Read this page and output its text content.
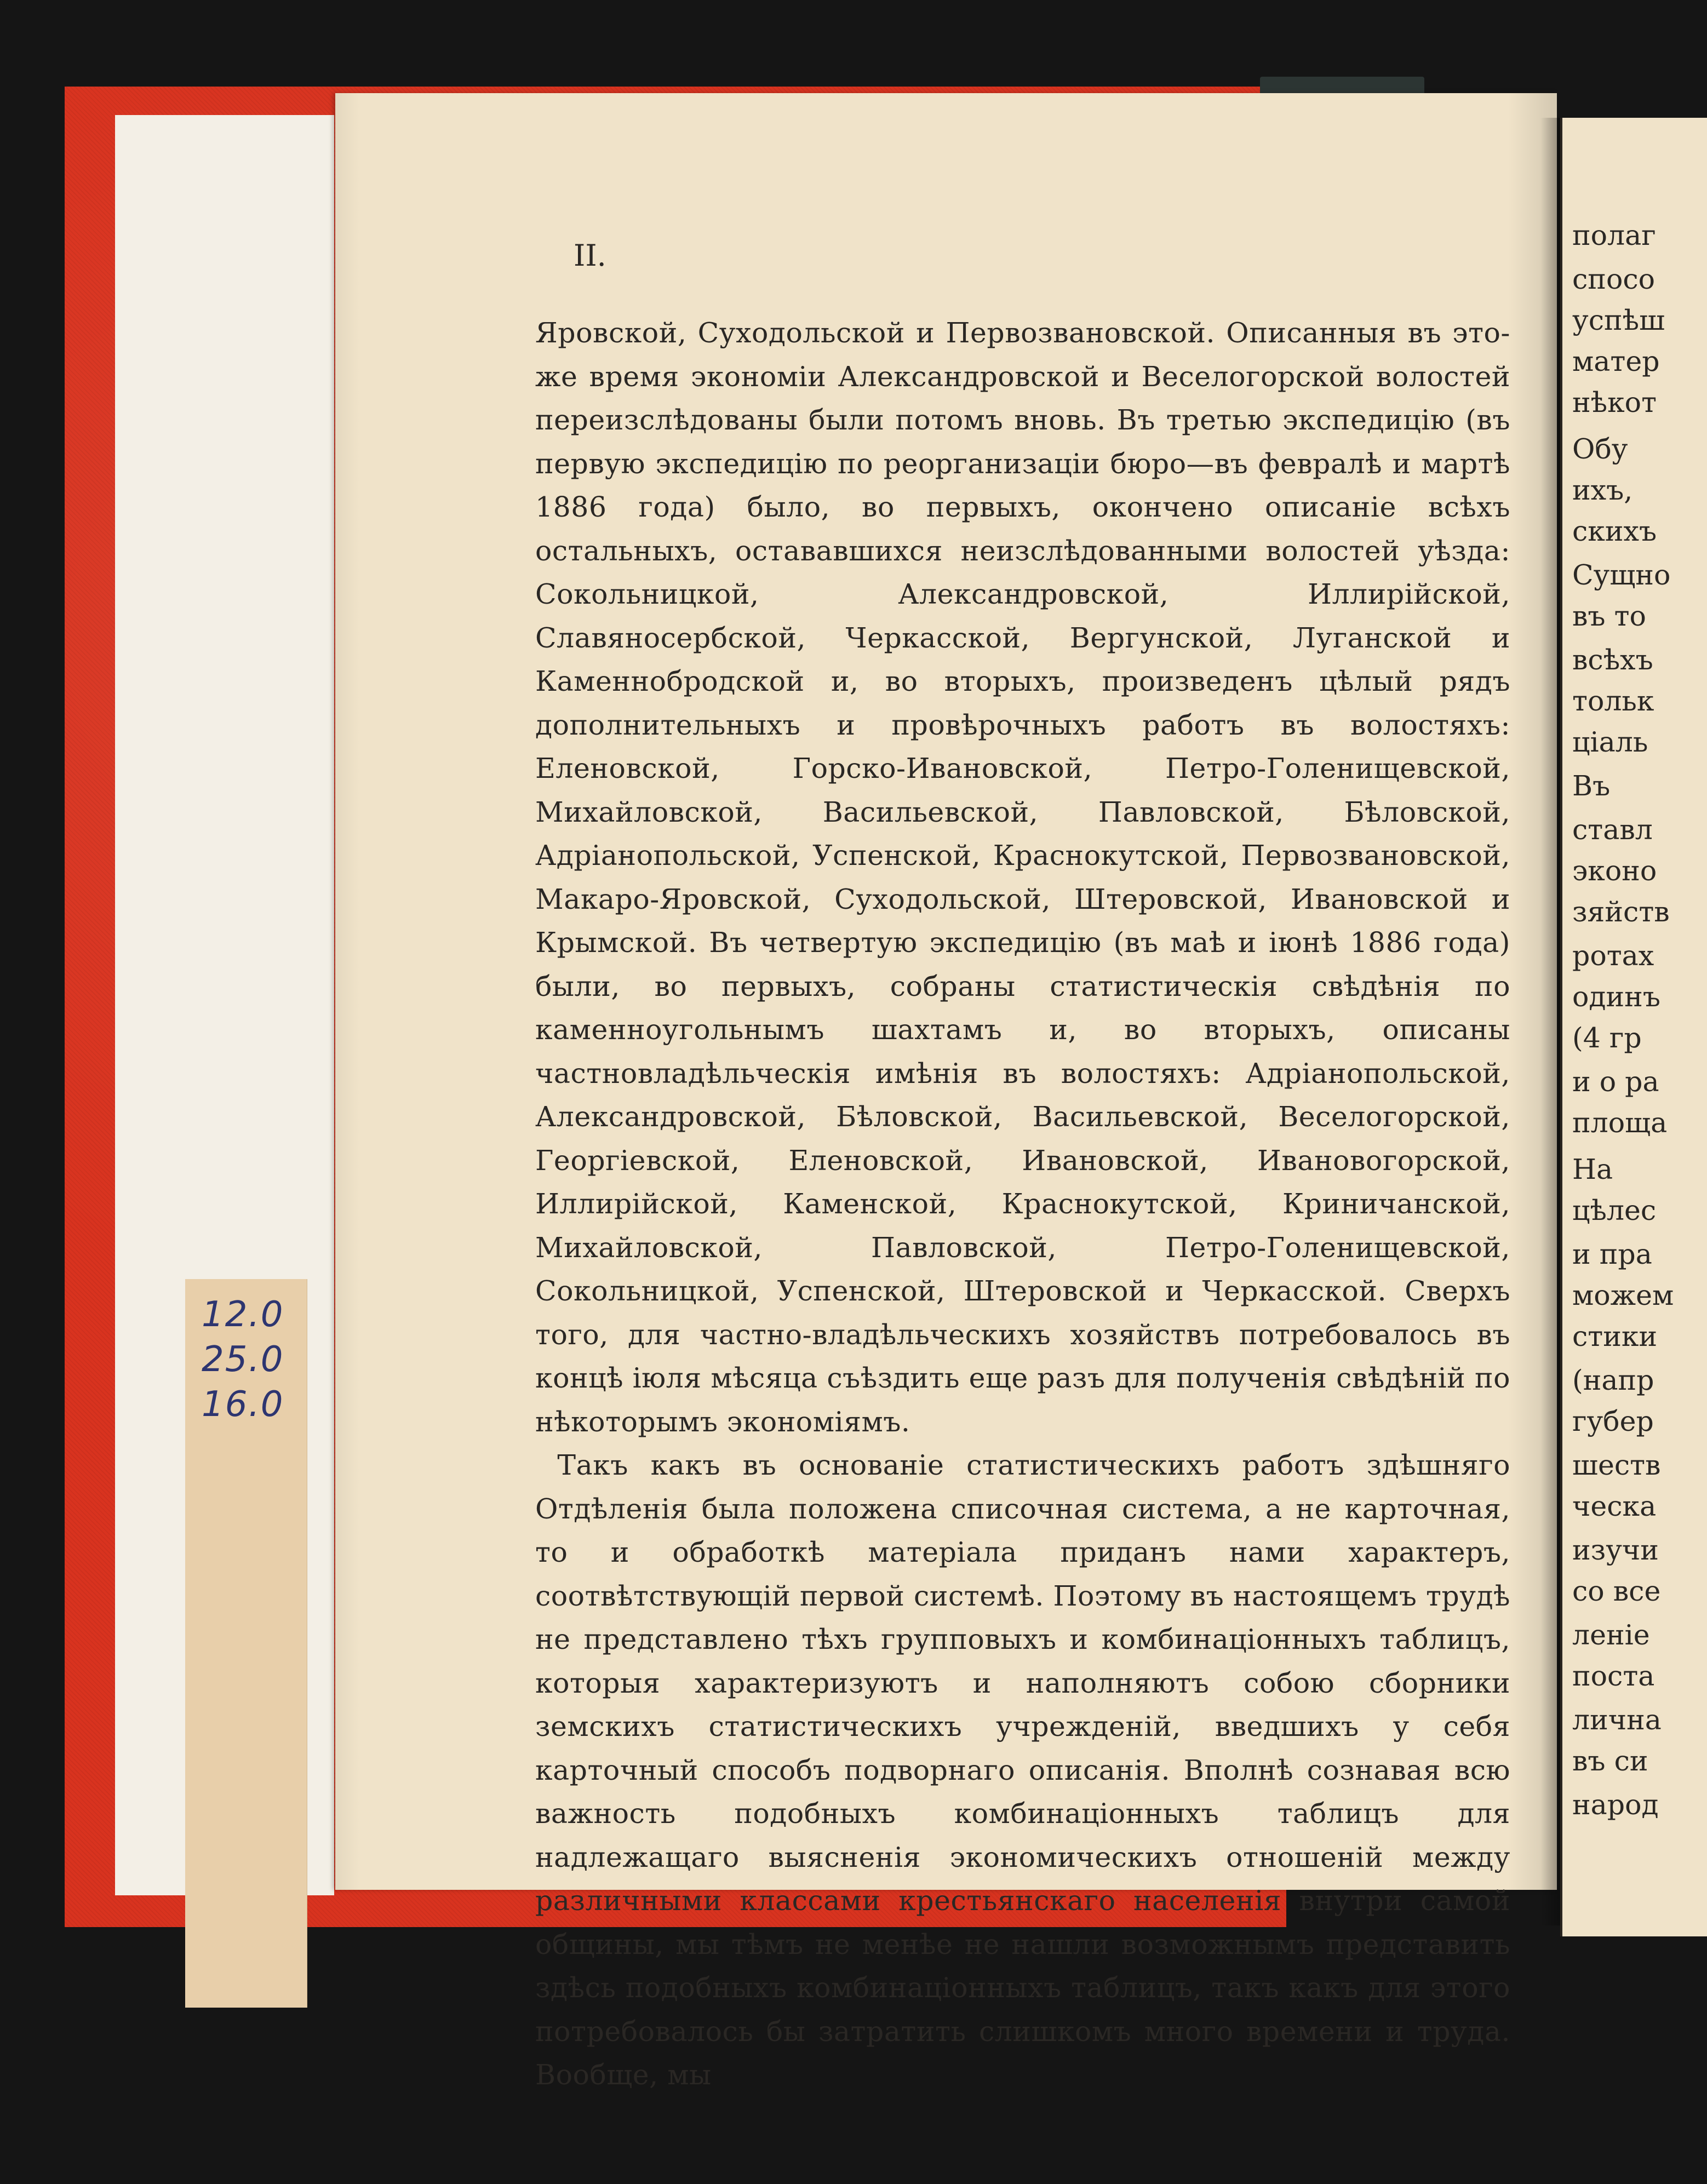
12.0
25.0
16.0
II.

Яровской, Суходольской и Первозвановской. Описанныя въ это-же время экономіи Александровской и Веселогорской волостей переизслѣдованы были потомъ вновь. Въ третью экспедицію (въ первую экспедицію по реорганизаціи бюро—въ февралѣ и мартѣ 1886 года) было, во первыхъ, окончено описаніе всѣхъ остальныхъ, остававшихся неизслѣдованными волостей уѣзда: Сокольницкой, Александровской, Иллирійской, Славяносербской, Черкасской, Вергунской, Луганской и Каменнобродской и, во вторыхъ, произведенъ цѣлый рядъ дополнительныхъ и провѣрочныхъ работъ въ волостяхъ: Еленовской, Горско-Ивановской, Петро-Голенищевской, Михайловской, Васильевской, Павловской, Бѣловской, Адріанопольской, Успенской, Краснокутской, Первозвановской, Макаро-Яровской, Суходольской, Штеровской, Ивановской и Крымской. Въ четвертую экспедицію (въ маѣ и іюнѣ 1886 года) были, во первыхъ, собраны статистическія свѣдѣнія по каменноугольнымъ шахтамъ и, во вторыхъ, описаны частновладѣльческія имѣнія въ волостяхъ: Адріанопольской, Александровской, Бѣловской, Васильевской, Веселогорской, Георгіевской, Еленовской, Ивановской, Ивановогорской, Иллирійской, Каменской, Краснокутской, Криничанской, Михайловской, Павловской, Петро-Голенищевской, Сокольницкой, Успенской, Штеровской и Черкасской. Сверхъ того, для частно-владѣльческихъ хозяйствъ потребовалось въ концѣ іюля мѣсяца съѣздить еще разъ для полученія свѣдѣній по нѣкоторымъ экономіямъ.

Такъ какъ въ основаніе статистическихъ работъ здѣшняго Отдѣленія была положена списочная система, а не карточная, то и обработкѣ матеріала приданъ нами характеръ, соотвѣтствующій первой системѣ. Поэтому въ настоящемъ трудѣ не представлено тѣхъ групповыхъ и комбинаціонныхъ таблицъ, которыя характеризуютъ и наполняютъ собою сборники земскихъ статистическихъ учрежденій, введшихъ у себя карточный способъ подворнаго описанія. Вполнѣ сознавая всю важность подобныхъ комбинаціонныхъ таблицъ для надлежащаго выясненія экономическихъ отношеній между различными классами крестьянскаго населенія внутри самой общины, мы тѣмъ не менѣе не нашли возможнымъ представить здѣсь подобныхъ комбинаціонныхъ таблицъ, такъ какъ для этого потребовалось бы затратить слишкомъ много времени и труда. Вообще, мы

полаг
спосо
успѣш
матер
нѣкот
Обу
ихъ,
скихъ
Сущно
въ то
всѣхъ
тольк
ціаль
Въ
ставл
эконо
зяйств
ротах
одинъ
(4 гр
и о ра
площа
На
цѣлес
и пра
можем
стики
(напр
губер
шеств
ческа
изучи
со все
леніе
поста
лична
въ си
народ
